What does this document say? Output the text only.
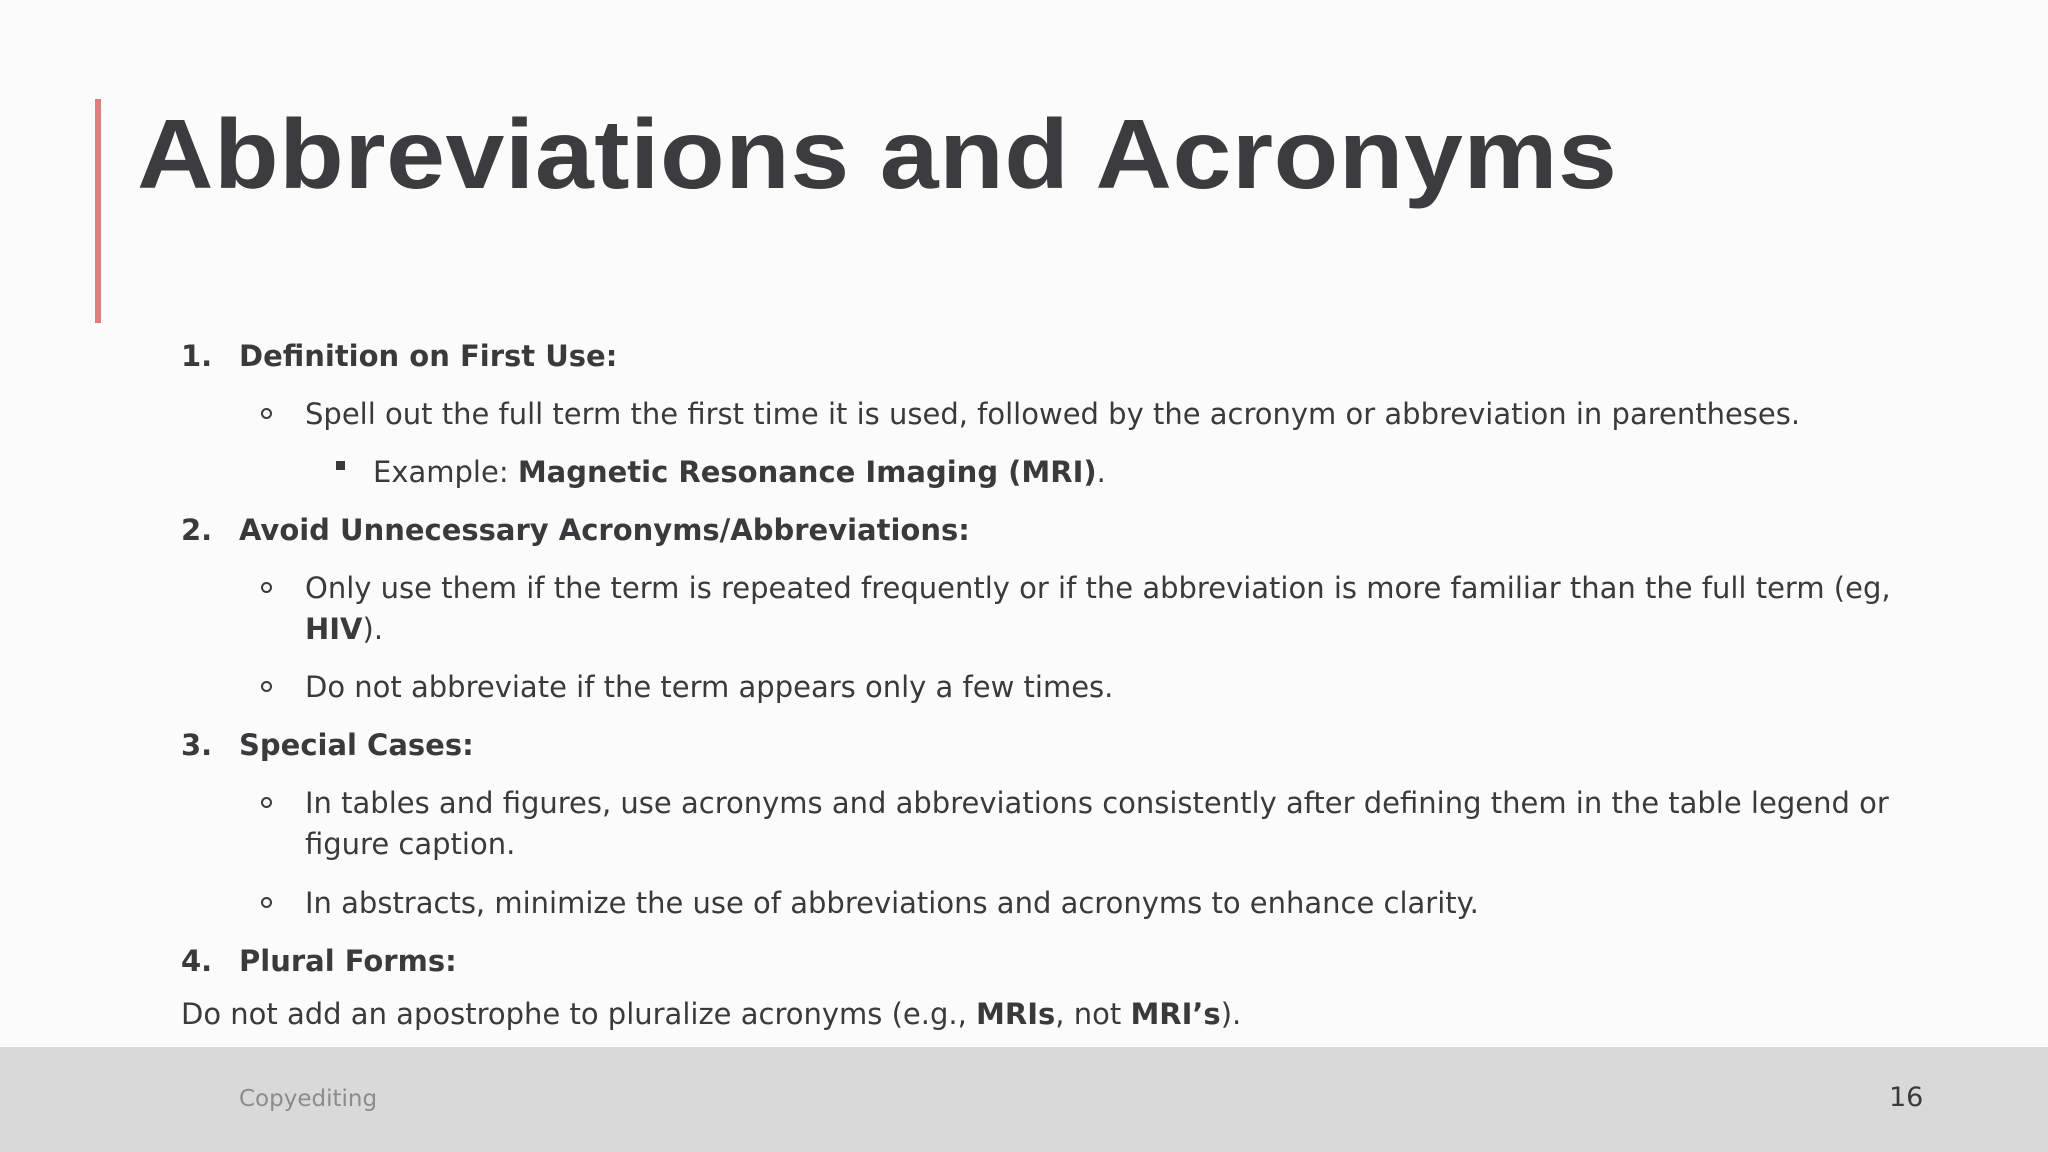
Abbreviations and Acronyms
1. Definition on First Use:
Spell out the full term the first time it is used, followed by the acronym or abbreviation in parentheses.
Example: Magnetic Resonance Imaging (MRI).
2. Avoid Unnecessary Acronyms/Abbreviations:
Only use them if the term is repeated frequently or if the abbreviation is more familiar than the full term (eg,
HIV).
Do not abbreviate if the term appears only a few times.
3. Special Cases:
In tables and figures, use acronyms and abbreviations consistently after defining them in the table legend or
figure caption.
In abstracts, minimize the use of abbreviations and acronyms to enhance clarity.
4. Plural Forms:
Do not add an apostrophe to pluralize acronyms (e.g., MRIs, not MRI’s).
Copyediting	16
